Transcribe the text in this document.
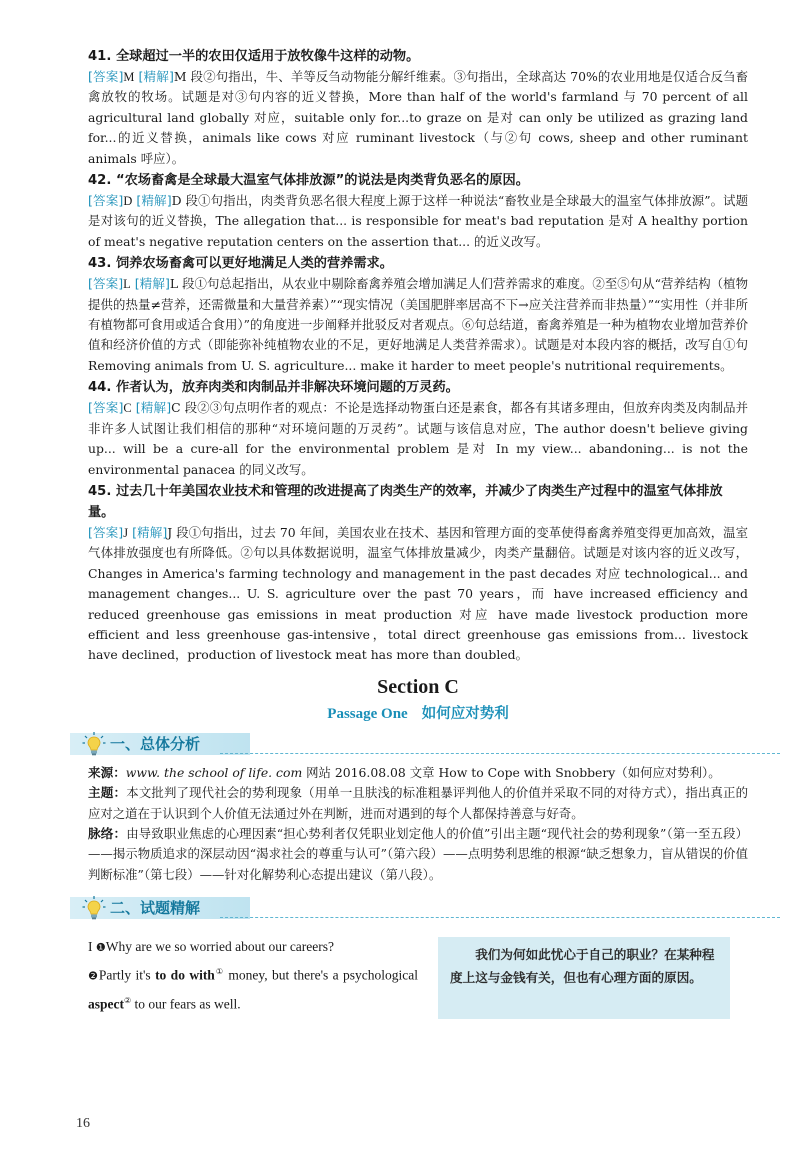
41. 全球超过一半的农田仅适用于放牧像牛这样的动物。

[答案]M [精解]M 段②句指出，牛、羊等反刍动物能分解纤维素。③句指出，全球高达 70%的农业用地是仅适合反刍畜禽放牧的牧场。试题是对③句内容的近义替换，More than half of the world's farmland 与 70 percent of all agricultural land globally 对应，suitable only for...to graze on 是对 can only be utilized as grazing land for...的近义替换，animals like cows 对应 ruminant livestock（与②句 cows, sheep and other ruminant animals 呼应）。

42. “农场畜禽是全球最大温室气体排放源”的说法是肉类背负恶名的原因。

[答案]D [精解]D 段①句指出，肉类背负恶名很大程度上源于这样一种说法“畜牧业是全球最大的温室气体排放源”。试题是对该句的近义替换，The allegation that... is responsible for meat's bad reputation 是对 A healthy portion of meat's negative reputation centers on the assertion that... 的近义改写。

43. 饲养农场畜禽可以更好地满足人类的营养需求。

[答案]L [精解]L 段①句总起指出，从农业中剔除畜禽养殖会增加满足人们营养需求的难度。②至⑤句从“营养结构（植物提供的热量≠营养，还需微量和大量营养素）”“现实情况（美国肥胖率居高不下→应关注营养而非热量）”“实用性（并非所有植物都可食用或适合食用）”的角度进一步阐释并批驳反对者观点。⑥句总结道，畜禽养殖是一种为植物农业增加营养价值和经济价值的方式（即能弥补纯植物农业的不足，更好地满足人类营养需求）。试题是对本段内容的概括，改写自①句 Removing animals from U. S. agriculture... make it harder to meet people's nutritional requirements。

44. 作者认为，放弃肉类和肉制品并非解决环境问题的万灵药。

[答案]C [精解]C 段②③句点明作者的观点：不论是选择动物蛋白还是素食，都各有其诸多理由，但放弃肉类及肉制品并非许多人试图让我们相信的那种“对环境问题的万灵药”。试题与该信息对应，The author doesn't believe giving up... will be a cure-all for the environmental problem 是对 In my view... abandoning... is not the environmental panacea 的同义改写。

45. 过去几十年美国农业技术和管理的改进提高了肉类生产的效率，并减少了肉类生产过程中的温室气体排放量。

[答案]J [精解]J 段①句指出，过去 70 年间，美国农业在技术、基因和管理方面的变革使得畜禽养殖变得更加高效，温室气体排放强度也有所降低。②句以具体数据说明，温室气体排放量减少，肉类产量翻倍。试题是对该内容的近义改写，Changes in America's farming technology and management in the past decades 对应 technological... and management changes... U. S. agriculture over the past 70 years，而 have increased efficiency and reduced greenhouse gas emissions in meat production 对应 have made livestock production more efficient and less greenhouse gas-intensive，total direct greenhouse gas emissions from... livestock have declined，production of livestock meat has more than doubled。

Section C
Passage One 如何应对势利
一、总体分析

来源：www. the school of life. com 网站 2016.08.08 文章 How to Cope with Snobbery（如何应对势利）。

主题：本文批判了现代社会的势利现象（用单一且肤浅的标准粗暴评判他人的价值并采取不同的对待方式），指出真正的应对之道在于认识到个人价值无法通过外在判断，进而对遇到的每个人都保持善意与好奇。

脉络：由导致职业焦虑的心理因素“担心势利者仅凭职业划定他人的价值”引出主题“现代社会的势利现象”（第一至五段）——揭示物质追求的深层动因“渴求社会的尊重与认可”（第六段）——点明势利思维的根源“缺乏想象力，盲从错误的价值判断标准”（第七段）——针对化解势利心态提出建议（第八段）。

二、试题精解
I ❶Why are we so worried about our careers?
❷Partly it's to do with① money, but there's a psychological aspect② to our fears as well.

我们为何如此忧心于自己的职业？在某种程度上这与金钱有关，但也有心理方面的原因。

16
